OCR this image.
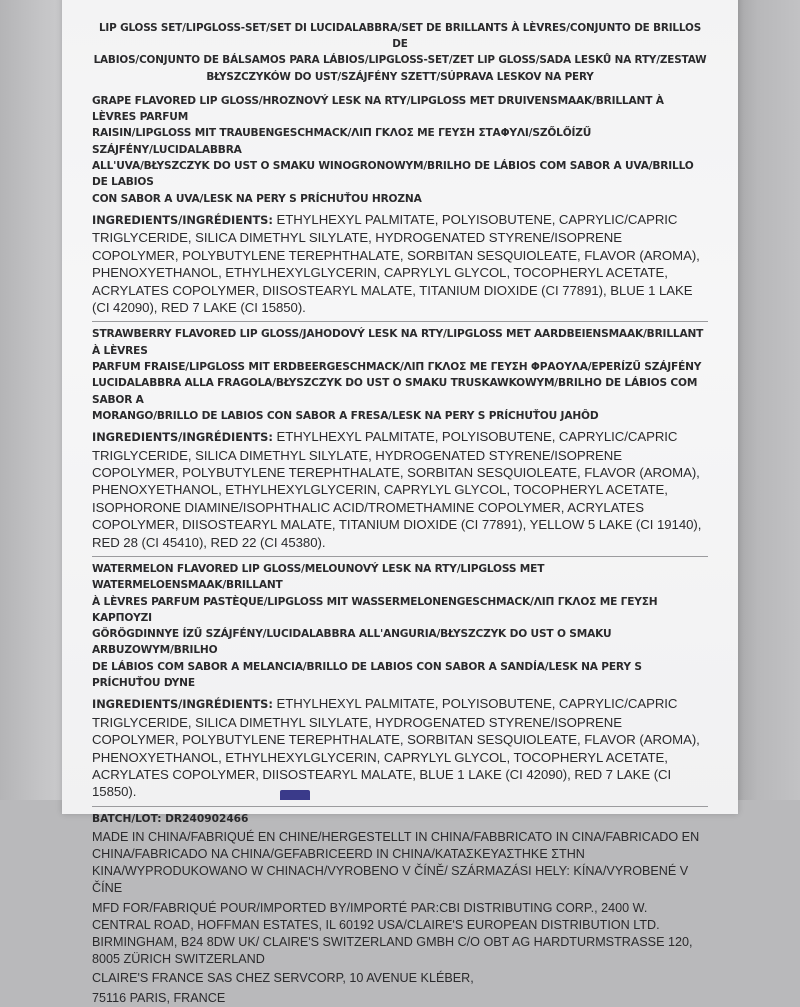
LIP GLOSS SET/LIPGLOSS-SET/SET DI LUCIDALABBRA/SET DE BRILLANTS À LÈVRES/CONJUNTO DE BRILLOS DE
LABIOS/CONJUNTO DE BÁLSAMOS PARA LÁBIOS/LIPGLOSS-SET/ZET LIP GLOSS/SADA LESKŮ NA RTY/ZESTAW
BŁYSZCZYKÓW DO UST/SZÁJFÉNY SZETT/SÚPRAVA LESKOV NA PERY
GRAPE FLAVORED LIP GLOSS/HROZNOVÝ LESK NA RTY/LIPGLOSS MET DRUIVENSMAAK/BRILLANT À LÈVRES PARFUM
RAISIN/LIPGLOSS MIT TRAUBENGESCHMACK/ΛΙΠ ΓΚΛΟΣ ΜΕ ΓΕΥΣΗ ΣΤΑΦΥΛΙ/SZŐLŐÍZŰ SZÁJFÉNY/LUCIDALABBRA
ALL'UVA/BŁYSZCZYK DO UST O SMAKU WINOGRONOWYM/BRILHO DE LÁBIOS COM SABOR A UVA/BRILLO DE LABIOS
CON SABOR A UVA/LESK NA PERY S PRÍCHUŤOU HROZNA

INGREDIENTS/INGRÉDIENTS: ETHYLHEXYL PALMITATE, POLYISOBUTENE, CAPRYLIC/CAPRIC TRIGLYCERIDE, SILICA DIMETHYL SILYLATE, HYDROGENATED STYRENE/ISOPRENE COPOLYMER, POLYBUTYLENE TEREPHTHALATE, SORBITAN SESQUIOLEATE, FLAVOR (AROMA), PHENOXYETHANOL, ETHYLHEXYLGLYCERIN, CAPRYLYL GLYCOL, TOCOPHERYL ACETATE, ACRYLATES COPOLYMER, DIISOSTEARYL MALATE, TITANIUM DIOXIDE (CI 77891), BLUE 1 LAKE (CI 42090), RED 7 LAKE (CI 15850).

STRAWBERRY FLAVORED LIP GLOSS/JAHODOVÝ LESK NA RTY/LIPGLOSS MET AARDBEIENSMAAK/BRILLANT À LÈVRES
PARFUM FRAISE/LIPGLOSS MIT ERDBEERGESCHMACK/ΛΙΠ ΓΚΛΟΣ ΜΕ ΓΕΥΣΗ ΦΡΑΟΥΛΑ/EPERÍZŰ SZÁJFÉNY
LUCIDALABBRA ALLA FRAGOLA/BŁYSZCZYK DO UST O SMAKU TRUSKAWKOWYM/BRILHO DE LÁBIOS COM SABOR A
MORANGO/BRILLO DE LABIOS CON SABOR A FRESA/LESK NA PERY S PRÍCHUŤOU JAHÔD

INGREDIENTS/INGRÉDIENTS: ETHYLHEXYL PALMITATE, POLYISOBUTENE, CAPRYLIC/CAPRIC TRIGLYCERIDE, SILICA DIMETHYL SILYLATE, HYDROGENATED STYRENE/ISOPRENE COPOLYMER, POLYBUTYLENE TEREPHTHALATE, SORBITAN SESQUIOLEATE, FLAVOR (AROMA), PHENOXYETHANOL, ETHYLHEXYLGLYCERIN, CAPRYLYL GLYCOL, TOCOPHERYL ACETATE, ISOPHORONE DIAMINE/ISOPHTHALIC ACID/TROMETHAMINE COPOLYMER, ACRYLATES COPOLYMER, DIISOSTEARYL MALATE, TITANIUM DIOXIDE (CI 77891), YELLOW 5 LAKE (CI 19140), RED 28 (CI 45410), RED 22 (CI 45380).

WATERMELON FLAVORED LIP GLOSS/MELOUNOVÝ LESK NA RTY/LIPGLOSS MET WATERMELOENSMAAK/BRILLANT
À LÈVRES PARFUM PASTÈQUE/LIPGLOSS MIT WASSERMELONENGESCHMACK/ΛΙΠ ΓΚΛΟΣ ΜΕ ΓΕΥΣΗ ΚΑΡΠΟΥΖΙ
GÖRÖGDINNYE ÍZŰ SZÁJFÉNY/LUCIDALABBRA ALL'ANGURIA/BŁYSZCZYK DO UST O SMAKU ARBUZOWYM/BRILHO
DE LÁBIOS COM SABOR A MELANCIA/BRILLO DE LABIOS CON SABOR A SANDÍA/LESK NA PERY S PRÍCHUŤOU DYNE

INGREDIENTS/INGRÉDIENTS: ETHYLHEXYL PALMITATE, POLYISOBUTENE, CAPRYLIC/CAPRIC TRIGLYCERIDE, SILICA DIMETHYL SILYLATE, HYDROGENATED STYRENE/ISOPRENE COPOLYMER, POLYBUTYLENE TEREPHTHALATE, SORBITAN SESQUIOLEATE, FLAVOR (AROMA), PHENOXYETHANOL, ETHYLHEXYLGLYCERIN, CAPRYLYL GLYCOL, TOCOPHERYL ACETATE, ACRYLATES COPOLYMER, DIISOSTEARYL MALATE, BLUE 1 LAKE (CI 42090), RED 7 LAKE (CI 15850).

BATCH/LOT: DR240902466

MADE IN CHINA/FABRIQUÉ EN CHINE/HERGESTELLT IN CHINA/FABBRICATO IN CINA/FABRICADO EN CHINA/FABRICADO NA CHINA/GEFABRICEERD IN CHINA/ΚΑΤΑΣΚΕΥΑΣΤΗΚΕ ΣΤΗΝ ΚΙΝΑ/WYPRODUKOWANO W CHINACH/VYROBENO V ČÍNĚ/ SZÁRMAZÁSI HELY: KÍNA/VYROBENÉ V ČÍNE

MFD FOR/FABRIQUÉ POUR/IMPORTED BY/IMPORTÉ PAR:CBI DISTRIBUTING CORP., 2400 W. CENTRAL ROAD, HOFFMAN ESTATES, IL 60192 USA/CLAIRE'S EUROPEAN DISTRIBUTION LTD. BIRMINGHAM, B24 8DW UK/ CLAIRE'S SWITZERLAND GMBH C/O OBT AG HARDTURMSTRASSE 120, 8005 ZÜRICH SWITZERLAND

CLAIRE'S FRANCE SAS CHEZ SERVCORP, 10 AVENUE KLÉBER,

75116 PARIS, FRANCE
